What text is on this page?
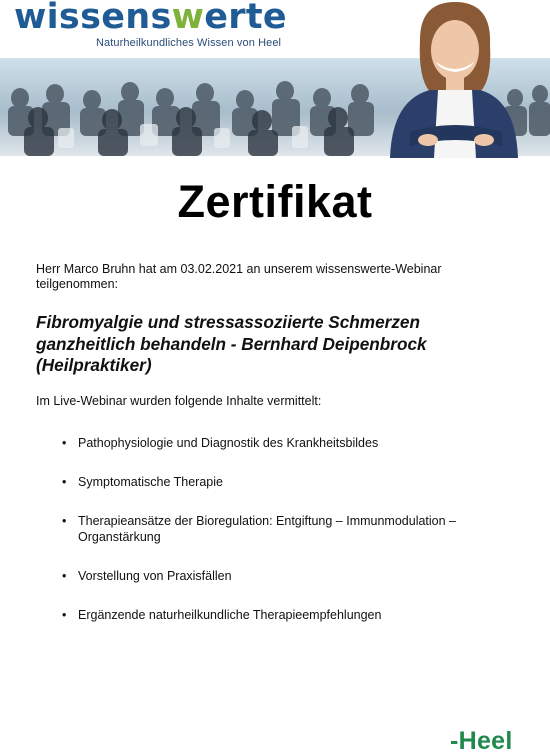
wissenswerte
Naturheilkundliches Wissen von Heel
Zertifikat
Herr Marco Bruhn hat am 03.02.2021 an unserem wissenswerte-Webinar teilgenommen:
Fibromyalgie und stressassoziierte Schmerzen ganzheitlich behandeln - Bernhard Deipenbrock (Heilpraktiker)
Im Live-Webinar wurden folgende Inhalte vermittelt:
• Pathophysiologie und Diagnostik des Krankheitsbildes
• Symptomatische Therapie
• Therapieansätze der Bioregulation: Entgiftung – Immunmodulation – Organstärkung
• Vorstellung von Praxisfällen
• Ergänzende naturheilkundliche Therapieempfehlungen
-Heel
